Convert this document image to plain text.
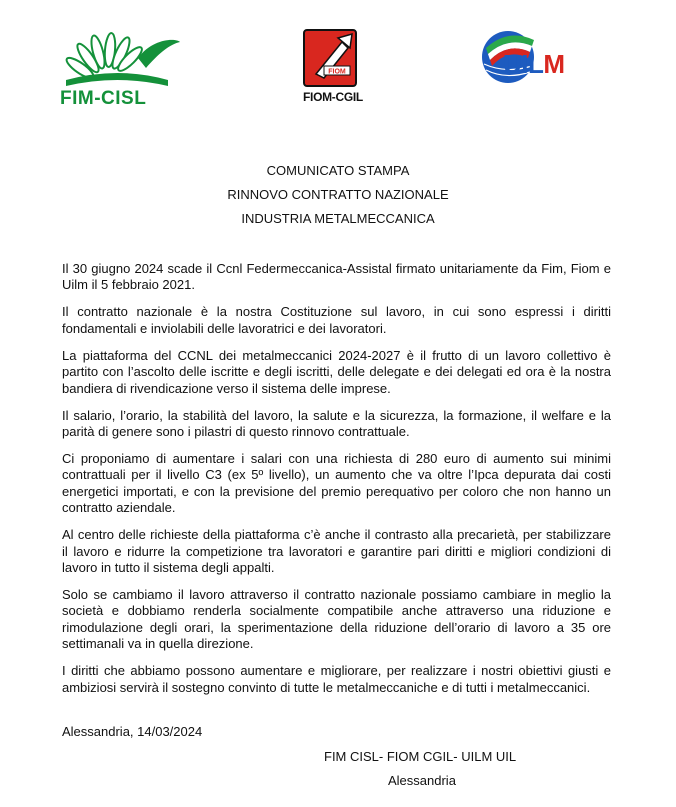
FIM-CISL
FIOM
FIOM-CGIL
UILM
COMUNICATO STAMPA
RINNOVO CONTRATTO NAZIONALE
INDUSTRIA METALMECCANICA

Il 30 giugno 2024 scade il Ccnl Federmeccanica-Assistal firmato unitariamente da Fim, Fiom e Uilm il 5 febbraio 2021.

Il contratto nazionale è la nostra Costituzione sul lavoro, in cui sono espressi i diritti fondamentali e inviolabili delle lavoratrici e dei lavoratori.

La piattaforma del CCNL dei metalmeccanici 2024-2027 è il frutto di un lavoro collettivo è partito con l’ascolto delle iscritte e degli iscritti, delle delegate e dei delegati ed ora è la nostra bandiera di rivendicazione verso il sistema delle imprese.

Il salario, l’orario, la stabilità del lavoro, la salute e la sicurezza, la formazione, il welfare e la parità di genere sono i pilastri di questo rinnovo contrattuale.

Ci proponiamo di aumentare i salari con una richiesta di 280 euro di aumento sui minimi contrattuali per il livello C3 (ex 5º livello), un aumento che va oltre l’Ipca depurata dai costi energetici importati, e con la previsione del premio perequativo per coloro che non hanno un contratto aziendale.

Al centro delle richieste della piattaforma c’è anche il contrasto alla precarietà, per stabilizzare il lavoro e ridurre la competizione tra lavoratori e garantire pari diritti e migliori condizioni di lavoro in tutto il sistema degli appalti.

Solo se cambiamo il lavoro attraverso il contratto nazionale possiamo cambiare in meglio la società e dobbiamo renderla socialmente compatibile anche attraverso una riduzione e rimodulazione degli orari, la sperimentazione della riduzione dell’orario di lavoro a 35 ore settimanali va in quella direzione.

I diritti che abbiamo possono aumentare e migliorare, per realizzare i nostri obiettivi giusti e ambiziosi servirà il sostegno convinto di tutte le metalmeccaniche e di tutti i metalmeccanici.

Alessandria, 14/03/2024
FIM CISL- FIOM CGIL- UILM UIL
Alessandria
